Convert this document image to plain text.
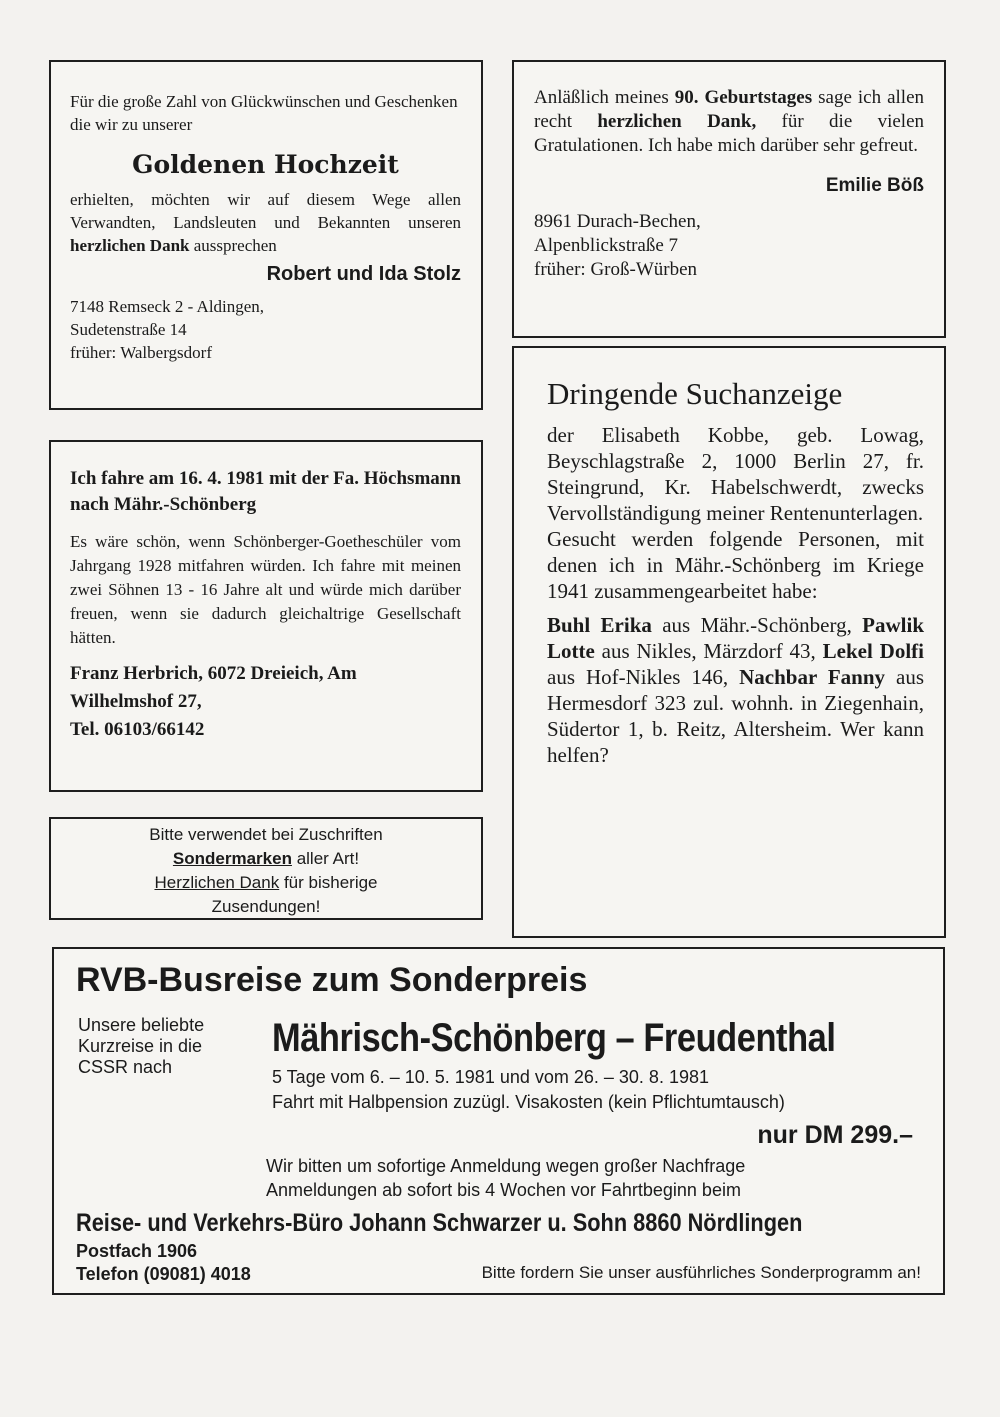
Für die große Zahl von Glückwünschen und Geschenken die wir zu unserer

Goldenen Hochzeit

erhielten, möchten wir auf diesem Wege allen Verwandten, Landsleuten und Bekannten unseren herzlichen Dank aussprechen

Robert und Ida Stolz

7148 Remseck 2 - Aldingen,

Sudetenstraße 14

früher: Walbergsdorf

Anläßlich meines 90. Geburtstages sage ich allen recht herzlichen Dank, für die vielen Gratulationen. Ich habe mich darüber sehr gefreut.

Emilie Böß

8961 Durach-Bechen,

Alpenblickstraße 7

früher: Groß-Würben

Dringende Suchanzeige

der Elisabeth Kobbe, geb. Lowag, Beyschlagstraße 2, 1000 Berlin 27, fr. Steingrund, Kr. Habelschwerdt, zwecks Vervollständigung meiner Rentenunterlagen.

Gesucht werden folgende Personen, mit denen ich in Mähr.-Schönberg im Kriege 1941 zusammengearbeitet habe:

Buhl Erika aus Mähr.-Schönberg, Pawlik Lotte aus Nikles, Märzdorf 43, Lekel Dolfi aus Hof-Nikles 146, Nachbar Fanny aus Hermesdorf 323 zul. wohnh. in Ziegenhain, Südertor 1, b. Reitz, Altersheim. Wer kann helfen?

Ich fahre am 16. 4. 1981 mit der Fa. Höchsmann nach Mähr.-Schönberg

Es wäre schön, wenn Schönberger-Goetheschüler vom Jahrgang 1928 mitfahren würden. Ich fahre mit meinen zwei Söhnen 13 - 16 Jahre alt und würde mich darüber freuen, wenn sie dadurch gleichaltrige Gesellschaft hätten.

Franz Herbrich, 6072 Dreieich, Am

Wilhelmshof 27,

Tel. 06103/66142

Bitte verwendet bei Zuschriften

Sondermarken aller Art!

Herzlichen Dank für bisherige

Zusendungen!

RVB-Busreise zum Sonderpreis

Unsere beliebte

Kurzreise in die

CSSR nach

Mährisch-Schönberg – Freudenthal
5 Tage vom 6. – 10. 5. 1981 und vom 26. – 30. 8. 1981
Fahrt mit Halbpension zuzügl. Visakosten (kein Pflichtumtausch)
nur DM 299.–

Wir bitten um sofortige Anmeldung wegen großer Nachfrage

Anmeldungen ab sofort bis 4 Wochen vor Fahrtbeginn beim

Reise- und Verkehrs-Büro Johann Schwarzer u. Sohn 8860 Nördlingen
Postfach 1906
Telefon (09081) 4018	Bitte fordern Sie unser ausführliches Sonderprogramm an!
